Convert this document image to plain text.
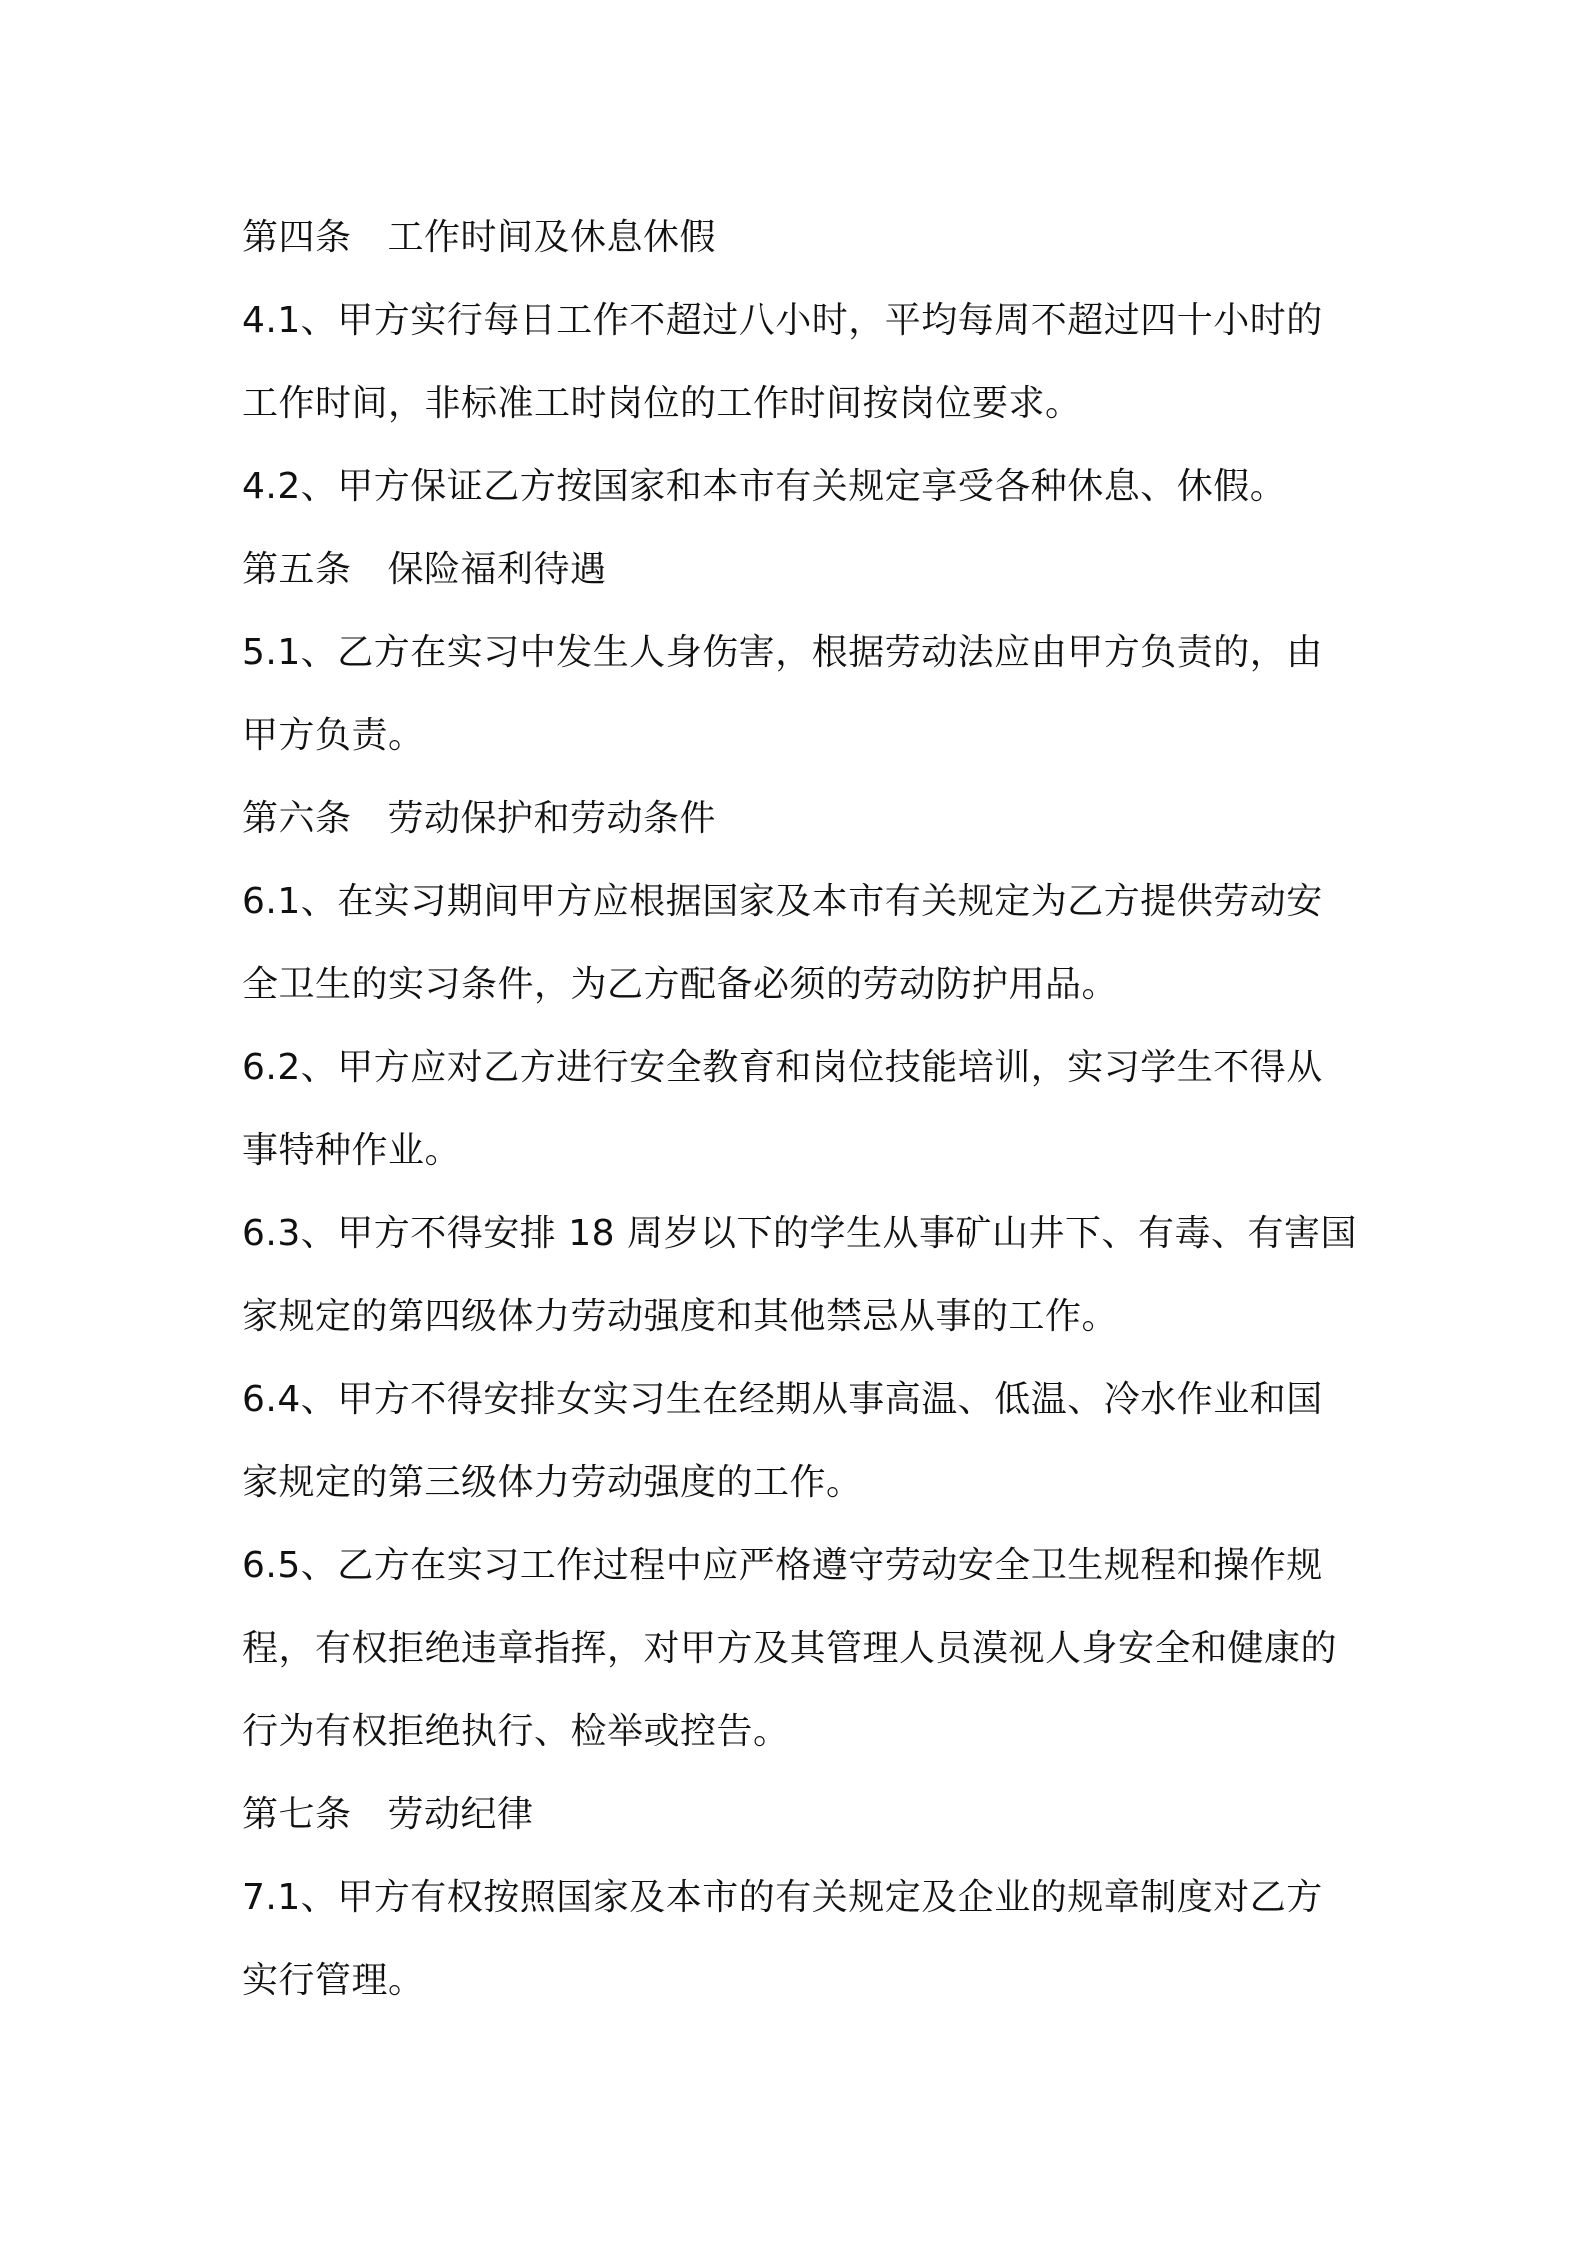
第四条 工作时间及休息休假
4.1、甲方实行每日工作不超过八小时，平均每周不超过四十小时的
工作时间，非标准工时岗位的工作时间按岗位要求。
4.2、甲方保证乙方按国家和本市有关规定享受各种休息、休假。
第五条 保险福利待遇
5.1、乙方在实习中发生人身伤害，根据劳动法应由甲方负责的，由
甲方负责。
第六条 劳动保护和劳动条件
6.1、在实习期间甲方应根据国家及本市有关规定为乙方提供劳动安
全卫生的实习条件，为乙方配备必须的劳动防护用品。
6.2、甲方应对乙方进行安全教育和岗位技能培训，实习学生不得从
事特种作业。
6.3、甲方不得安排 18 周岁以下的学生从事矿山井下、有毒、有害国
家规定的第四级体力劳动强度和其他禁忌从事的工作。
6.4、甲方不得安排女实习生在经期从事高温、低温、冷水作业和国
家规定的第三级体力劳动强度的工作。
6.5、乙方在实习工作过程中应严格遵守劳动安全卫生规程和操作规
程，有权拒绝违章指挥，对甲方及其管理人员漠视人身安全和健康的
行为有权拒绝执行、检举或控告。
第七条 劳动纪律
7.1、甲方有权按照国家及本市的有关规定及企业的规章制度对乙方
实行管理。
